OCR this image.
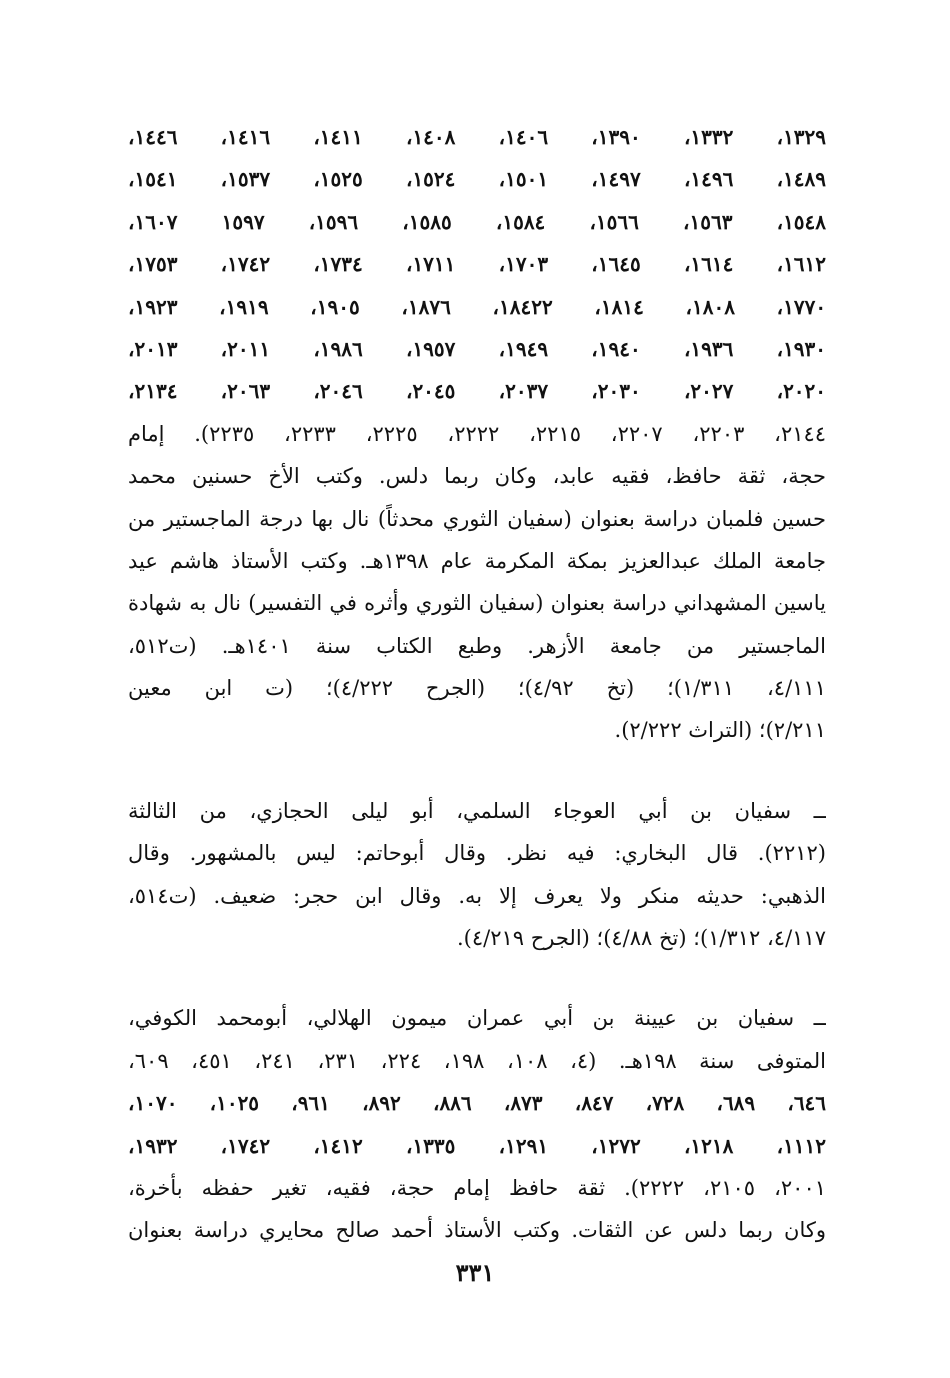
١٣٢٩، ١٣٣٢، ١٣٩٠، ١٤٠٦، ١٤٠٨، ١٤١١، ١٤١٦، ١٤٤٦،
١٤٨٩، ١٤٩٦، ١٤٩٧، ١٥٠١، ١٥٢٤، ١٥٢٥، ١٥٣٧، ١٥٤١،
١٥٤٨، ١٥٦٣، ١٥٦٦، ١٥٨٤، ١٥٨٥، ١٥٩٦، ١٥٩٧ ١٦٠٧،
١٦١٢، ١٦١٤، ١٦٤٥، ١٧٠٣، ١٧١١، ١٧٣٤، ١٧٤٢، ١٧٥٣،
١٧٧٠، ١٨٠٨، ١٨١٤، ١٨٤٢٢، ١٨٧٦، ١٩٠٥، ١٩١٩، ١٩٢٣،
١٩٣٠، ١٩٣٦، ١٩٤٠، ١٩٤٩، ١٩٥٧، ١٩٨٦، ٢٠١١، ٢٠١٣،
٢٠٢٠، ٢٠٢٧، ٢٠٣٠، ٢٠٣٧، ٢٠٤٥، ٢٠٤٦، ٢٠٦٣، ٢١٣٤،
٢١٤٤، ٢٢٠٣، ٢٢٠٧، ٢٢١٥، ٢٢٢٢، ٢٢٢٥، ٢٢٣٣، ٢٢٣٥). إمام
حجة، ثقة حافظ، فقيه عابد، وكان ربما دلس. وكتب الأخ حسنين محمد
حسين فلمبان دراسة بعنوان (سفيان الثوري محدثاً) نال بها درجة الماجستير من
جامعة الملك عبدالعزيز بمكة المكرمة عام ١٣٩٨هـ. وكتب الأستاذ هاشم عيد
ياسين المشهداني دراسة بعنوان (سفيان الثوري وأثره في التفسير) نال به شهادة
الماجستير من جامعة الأزهر. وطبع الكتاب سنة ١٤٠١هـ. (ت٥١٢،
٤/١١١، ١/٣١١)؛ (تخ ٤/٩٢)؛ (الجرح ٤/٢٢٢)؛ (ت ابن معين
٢/٢١١)؛ (التراث ٢/٢٢٢).
ــ سفيان بن أبي العوجاء السلمي، أبو ليلى الحجازي، من الثالثة
(٢٢١٢). قال البخاري: فيه نظر. وقال أبوحاتم: ليس بالمشهور. وقال
الذهبي: حديثه منكر ولا يعرف إلا به. وقال ابن حجر: ضعيف. (ت٥١٤،
٤/١١٧، ١/٣١٢)؛ (تخ ٤/٨٨)؛ (الجرح ٤/٢١٩).
ــ سفيان بن عيينة بن أبي عمران ميمون الهلالي، أبومحمد الكوفي،
المتوفى سنة ١٩٨هـ. (٤، ١٠٨، ١٩٨، ٢٢٤، ٢٣١، ٢٤١، ٤٥١، ٦٠٩،
٦٤٦، ٦٨٩، ٧٢٨، ٨٤٧، ٨٧٣، ٨٨٦، ٨٩٢، ٩٦١، ١٠٢٥، ١٠٧٠،
١١١٢، ١٢١٨، ١٢٧٢، ١٢٩١، ١٣٣٥، ١٤١٢، ١٧٤٢، ١٩٣٢،
٢٠٠١، ٢١٠٥، ٢٢٢٢). ثقة حافظ إمام حجة، فقيه، تغير حفظه بأخرة،
وكان ربما دلس عن الثقات. وكتب الأستاذ أحمد صالح محايري دراسة بعنوان
٣٣١
